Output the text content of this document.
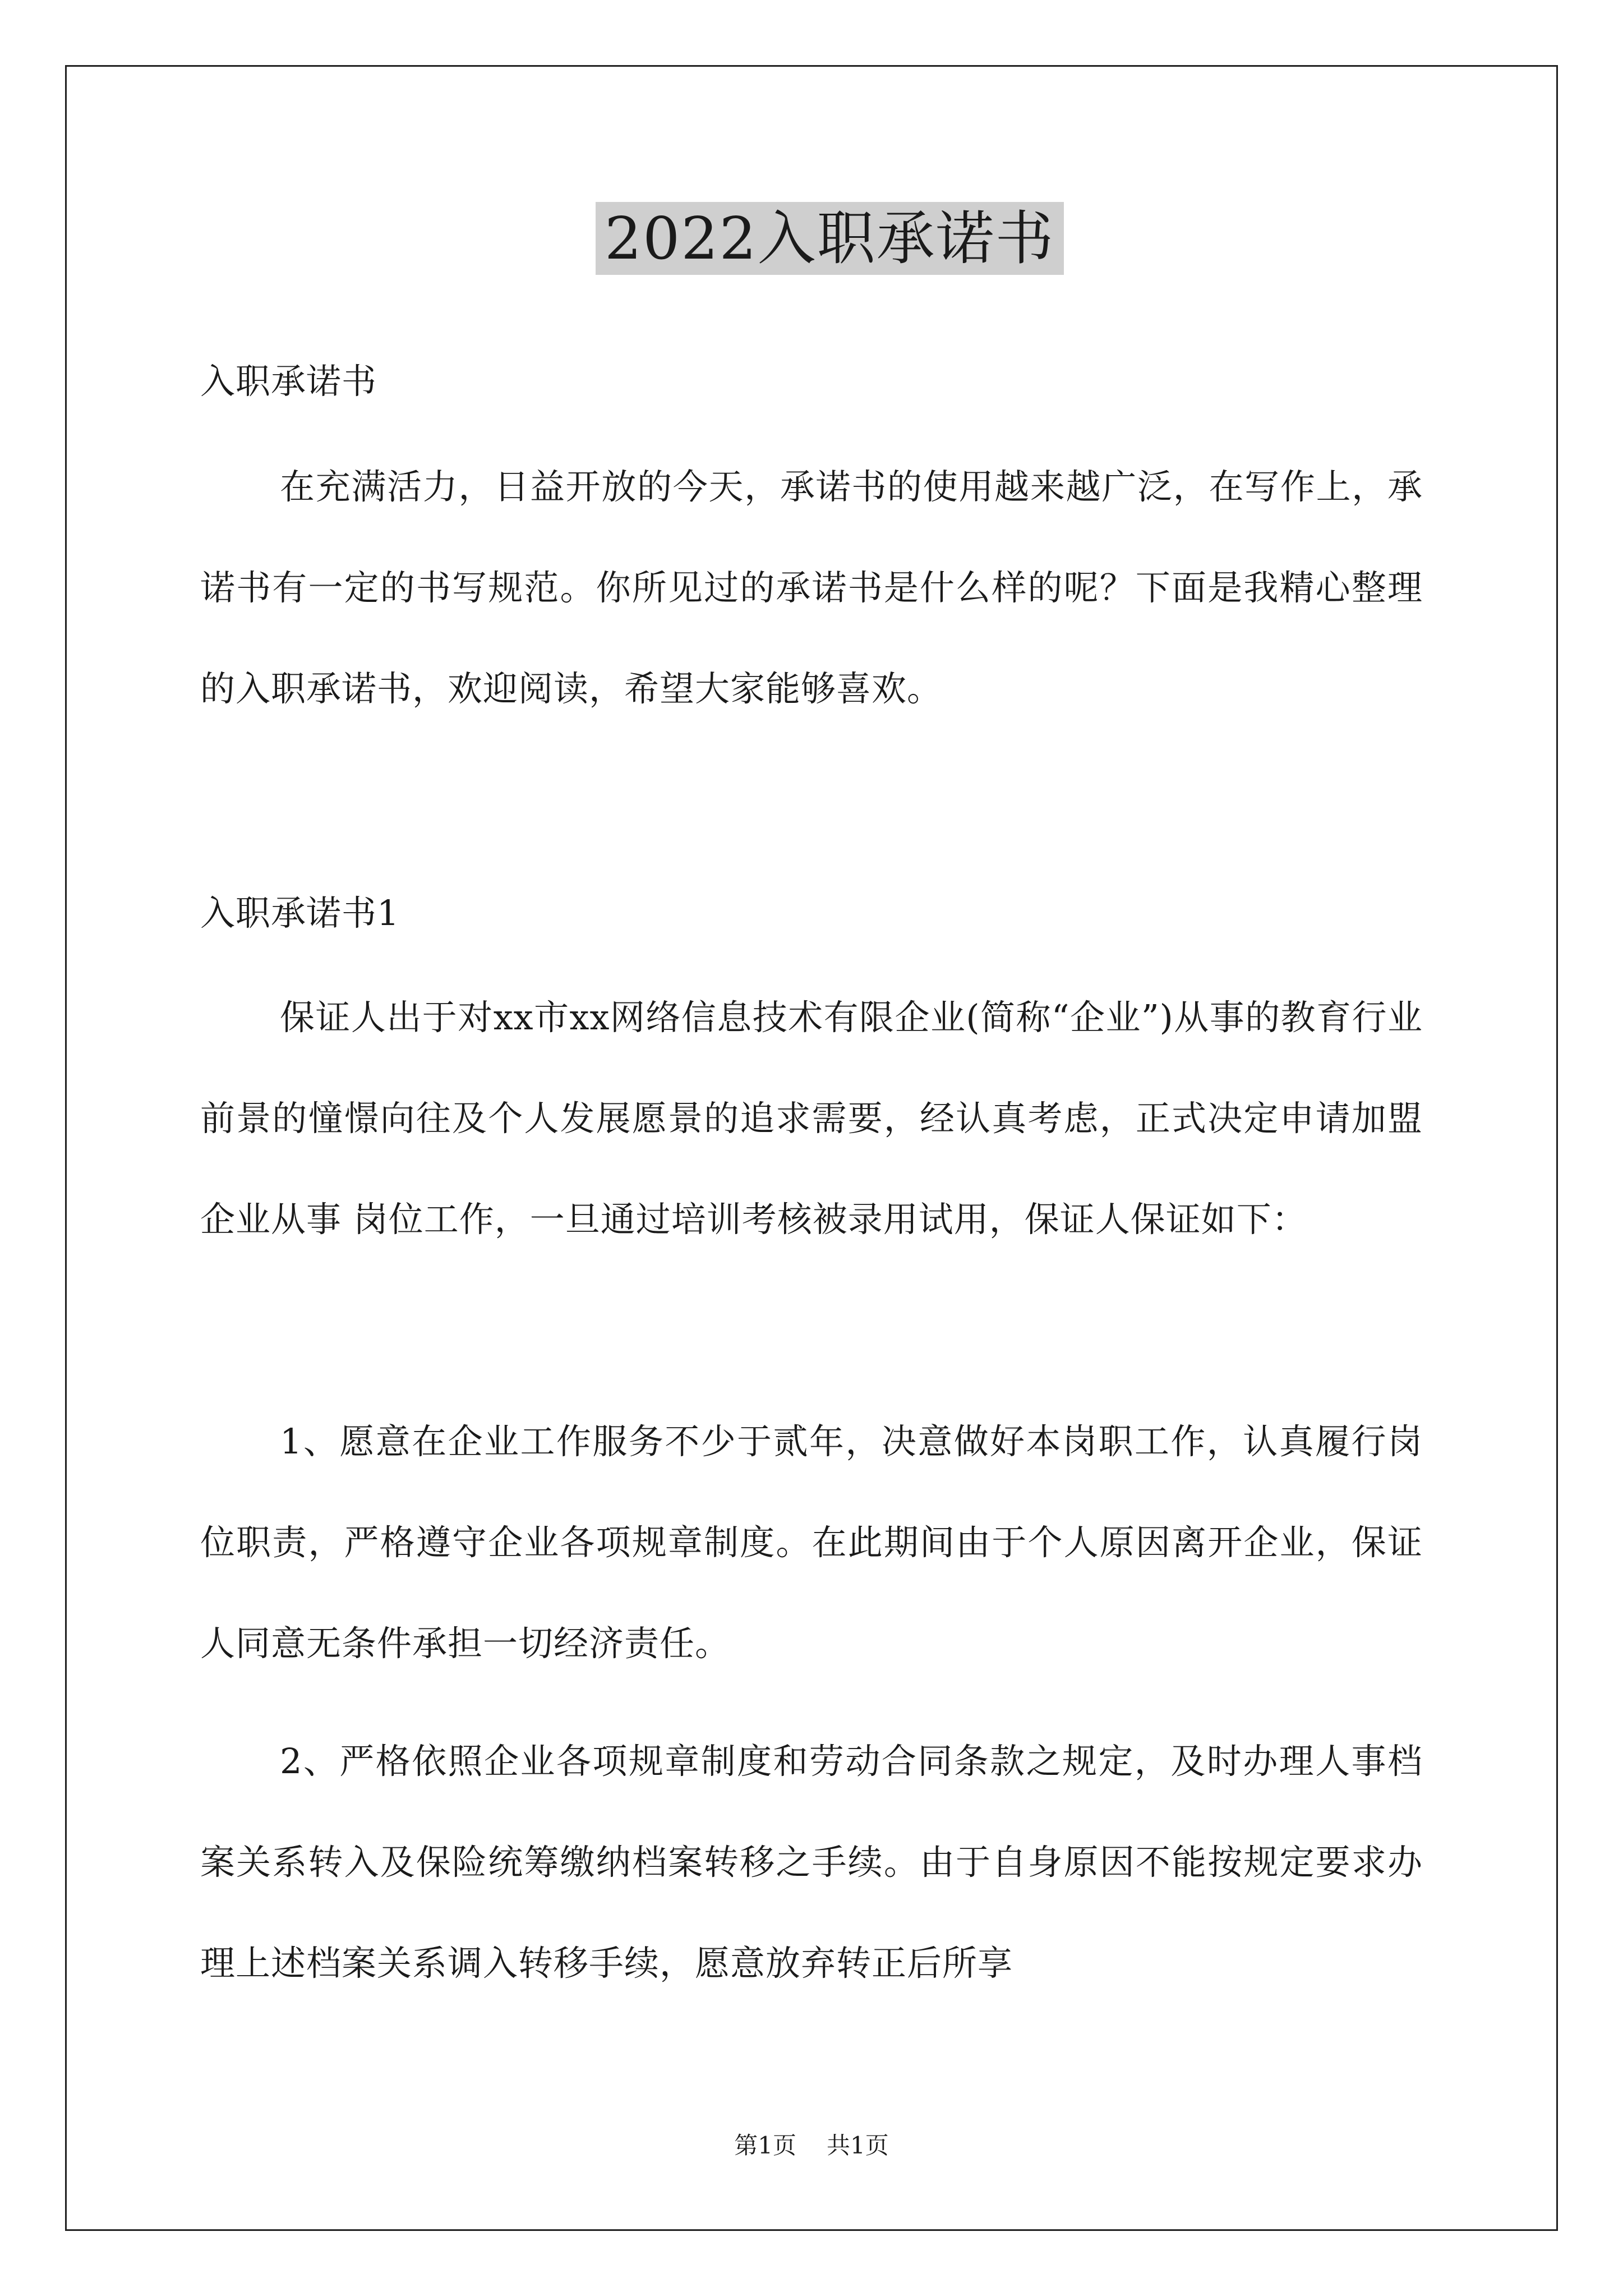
2022入职承诺书

入职承诺书

在充满活力，日益开放的今天，承诺书的使用越来越广泛，在写作上，承诺书有一定的书写规范。你所见过的承诺书是什么样的呢？下面是我精心整理的入职承诺书，欢迎阅读，希望大家能够喜欢。

入职承诺书1

保证人出于对xx市xx网络信息技术有限企业(简称“企业”)从事的教育行业前景的憧憬向往及个人发展愿景的追求需要，经认真考虑，正式决定申请加盟企业从事 岗位工作，一旦通过培训考核被录用试用，保证人保证如下：

1、愿意在企业工作服务不少于贰年，决意做好本岗职工作，认真履行岗位职责，严格遵守企业各项规章制度。在此期间由于个人原因离开企业，保证人同意无条件承担一切经济责任。

2、严格依照企业各项规章制度和劳动合同条款之规定，及时办理人事档案关系转入及保险统筹缴纳档案转移之手续。由于自身原因不能按规定要求办理上述档案关系调入转移手续，愿意放弃转正后所享

第1页 共1页
